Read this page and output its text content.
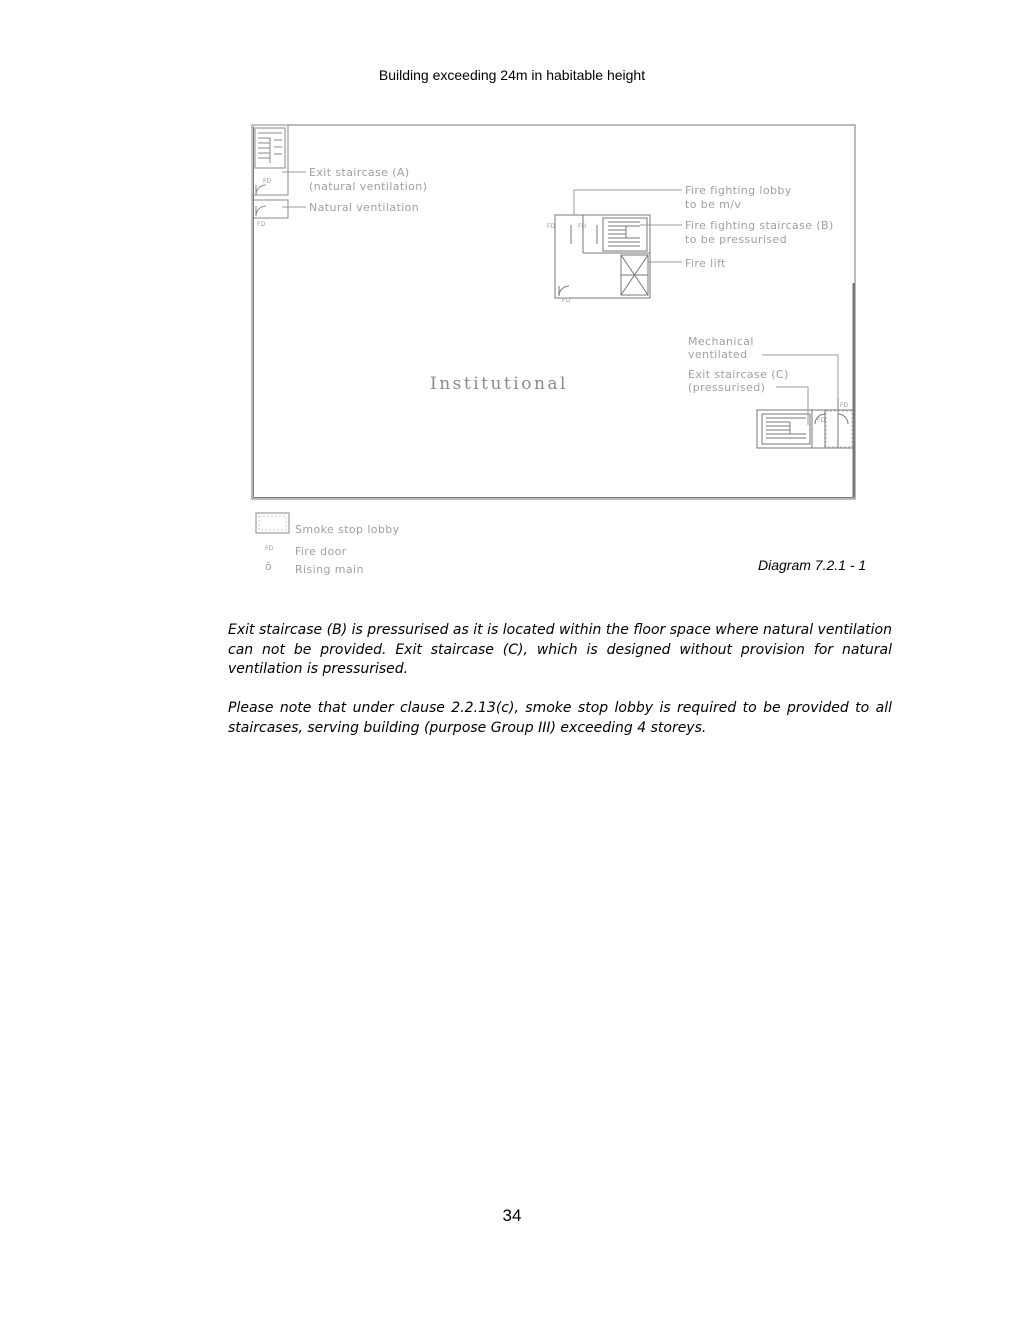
Building exceeding 24m in habitable height
FD
FD
Exit staircase (A)
(natural ventilation)
Natural ventilation
FD	FD
FD
Fire fighting lobby
to be m/v
Fire fighting staircase (B)
to be pressurised
Fire lift
FD
FD
Mechanical
ventilated
Exit staircase (C)
(pressurised)
Institutional
Smoke stop lobby
FD Fire door
ŏ Rising main	Diagram 7.2.1 - 1

Exit staircase (B) is pressurised as it is located within the floor space where natural ventilation can not be provided. Exit staircase (C), which is designed without provision for natural ventilation is pressurised.

Please note that under clause 2.2.13(c), smoke stop lobby is required to be provided to all staircases, serving building (purpose Group III) exceeding 4 storeys.

34
